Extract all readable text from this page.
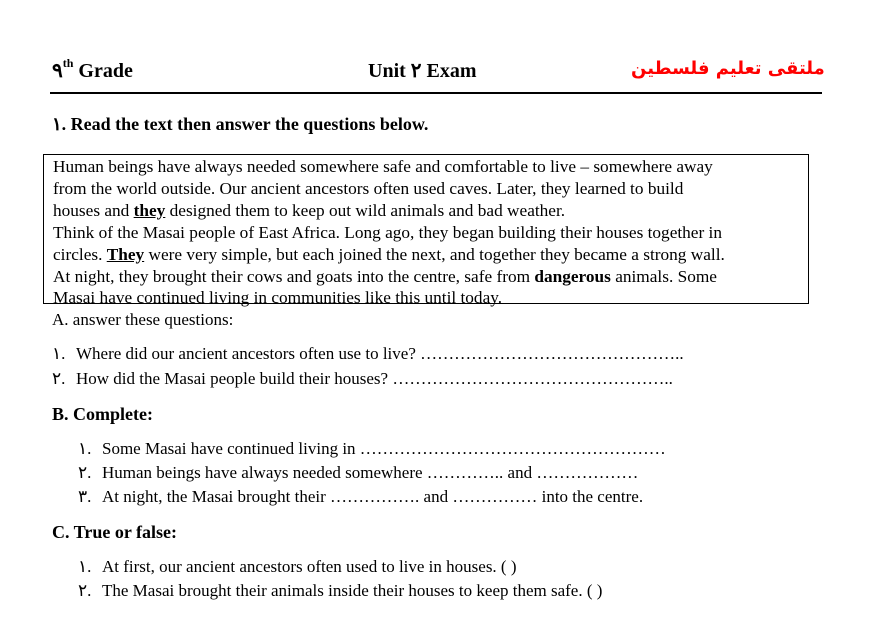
٩th Grade	Unit ٢ Exam	ملتقى تعليم فلسطين
١. Read the text then answer the questions below.

Human beings have always needed somewhere safe and comfortable to live – somewhere away

from the world outside. Our ancient ancestors often used caves. Later, they learned to build

houses and they designed them to keep out wild animals and bad weather.

Think of the Masai people of East Africa. Long ago, they began building their houses together in

circles. They were very simple, but each joined the next, and together they became a strong wall.

At night, they brought their cows and goats into the centre, safe from dangerous animals. Some

Masai have continued living in communities like this until today.

A. answer these questions:
١. Where did our ancient ancestors often use to live? ………………………………………..
٢. How did the Masai people build their houses? …………………………………………..
B. Complete:
١. Some Masai have continued living in ………………………………………………
٢. Human beings have always needed somewhere ………….. and ………………
٣. At night, the Masai brought their ……………. and …………… into the centre.
C. True or false:
١. At first, our ancient ancestors often used to live in houses. ( )
٢. The Masai brought their animals inside their houses to keep them safe. ( )
